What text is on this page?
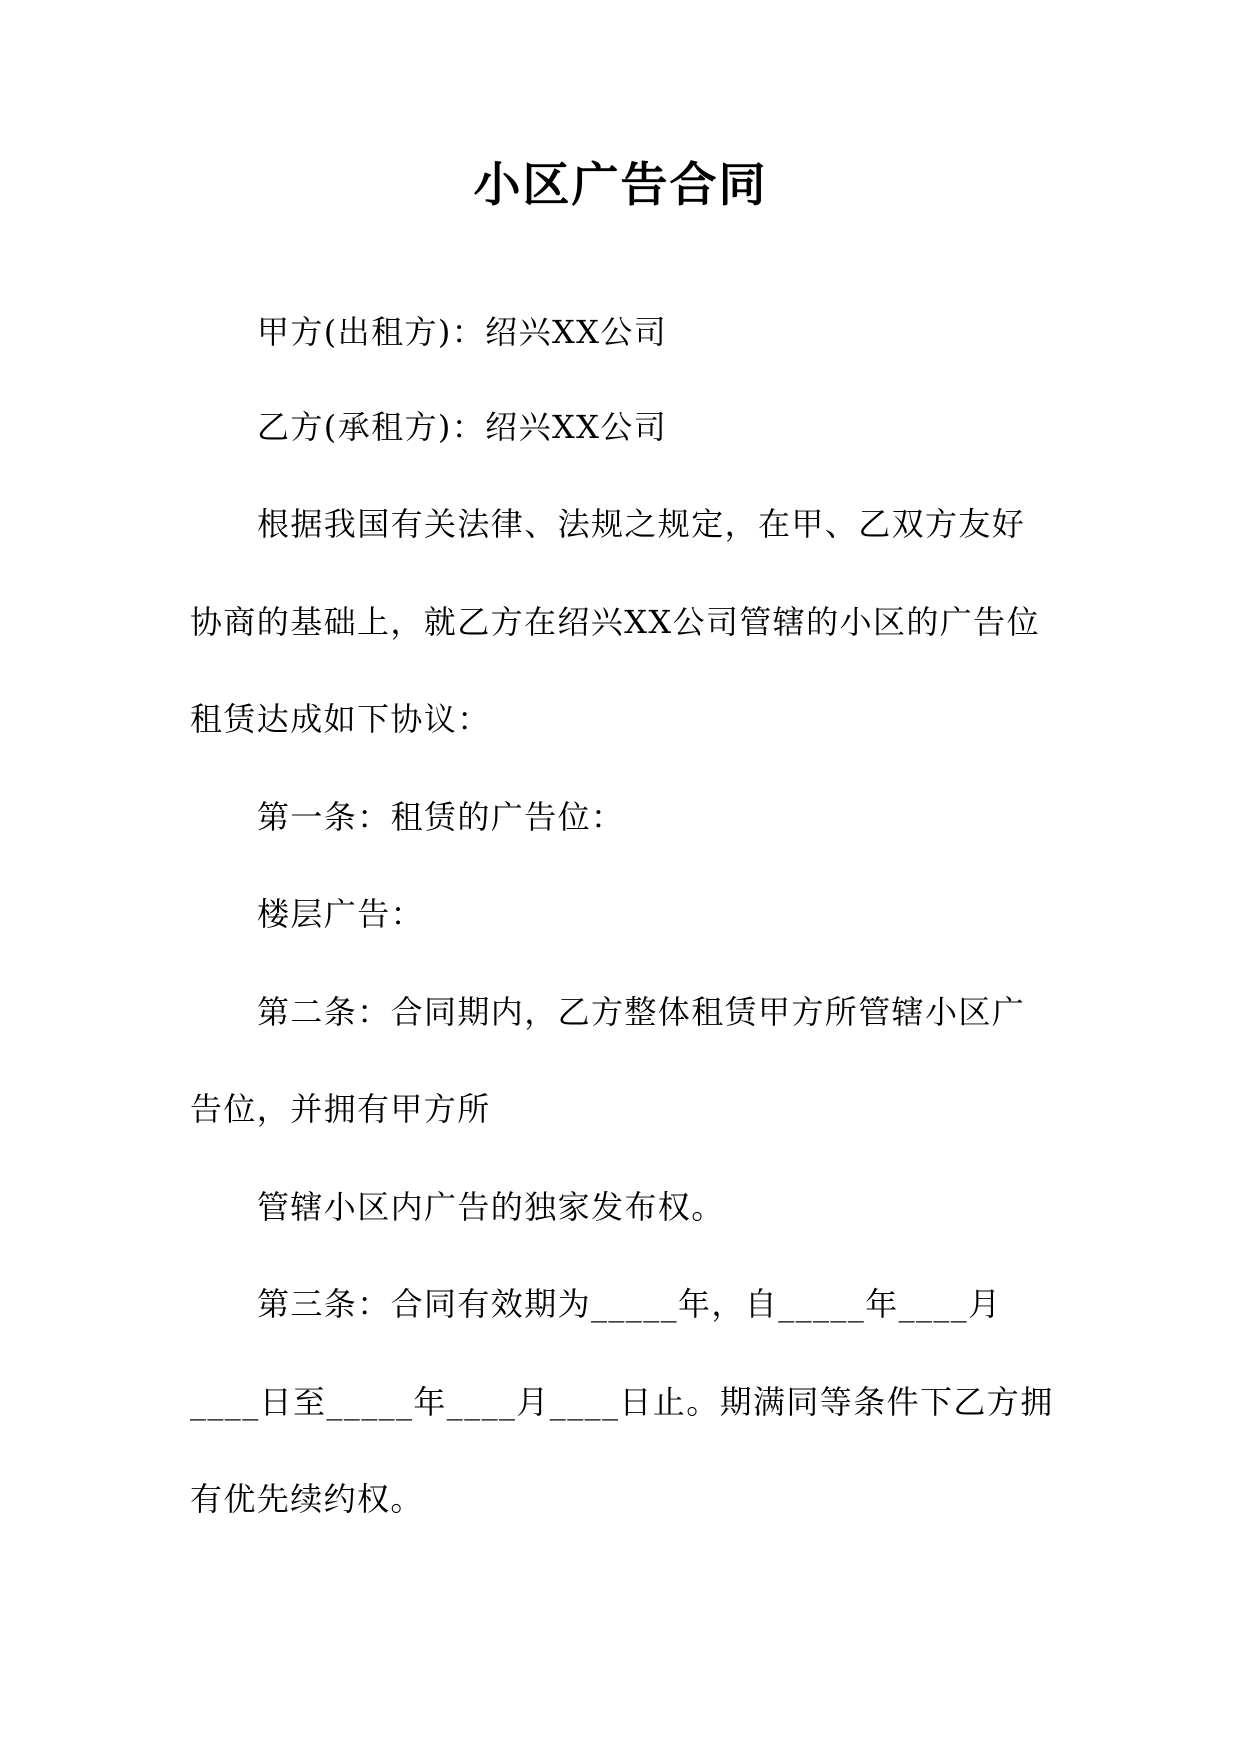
小区广告合同

甲方(出租方)：绍兴XX公司

乙方(承租方)：绍兴XX公司

根据我国有关法律、法规之规定，在甲、乙双方友好

协商的基础上，就乙方在绍兴XX公司管辖的小区的广告位

租赁达成如下协议：

第一条：租赁的广告位：

楼层广告：

第二条：合同期内，乙方整体租赁甲方所管辖小区广

告位，并拥有甲方所

管辖小区内广告的独家发布权。

第三条：合同有效期为_____年，自_____年____月

____日至_____年____月____日止。期满同等条件下乙方拥

有优先续约权。
